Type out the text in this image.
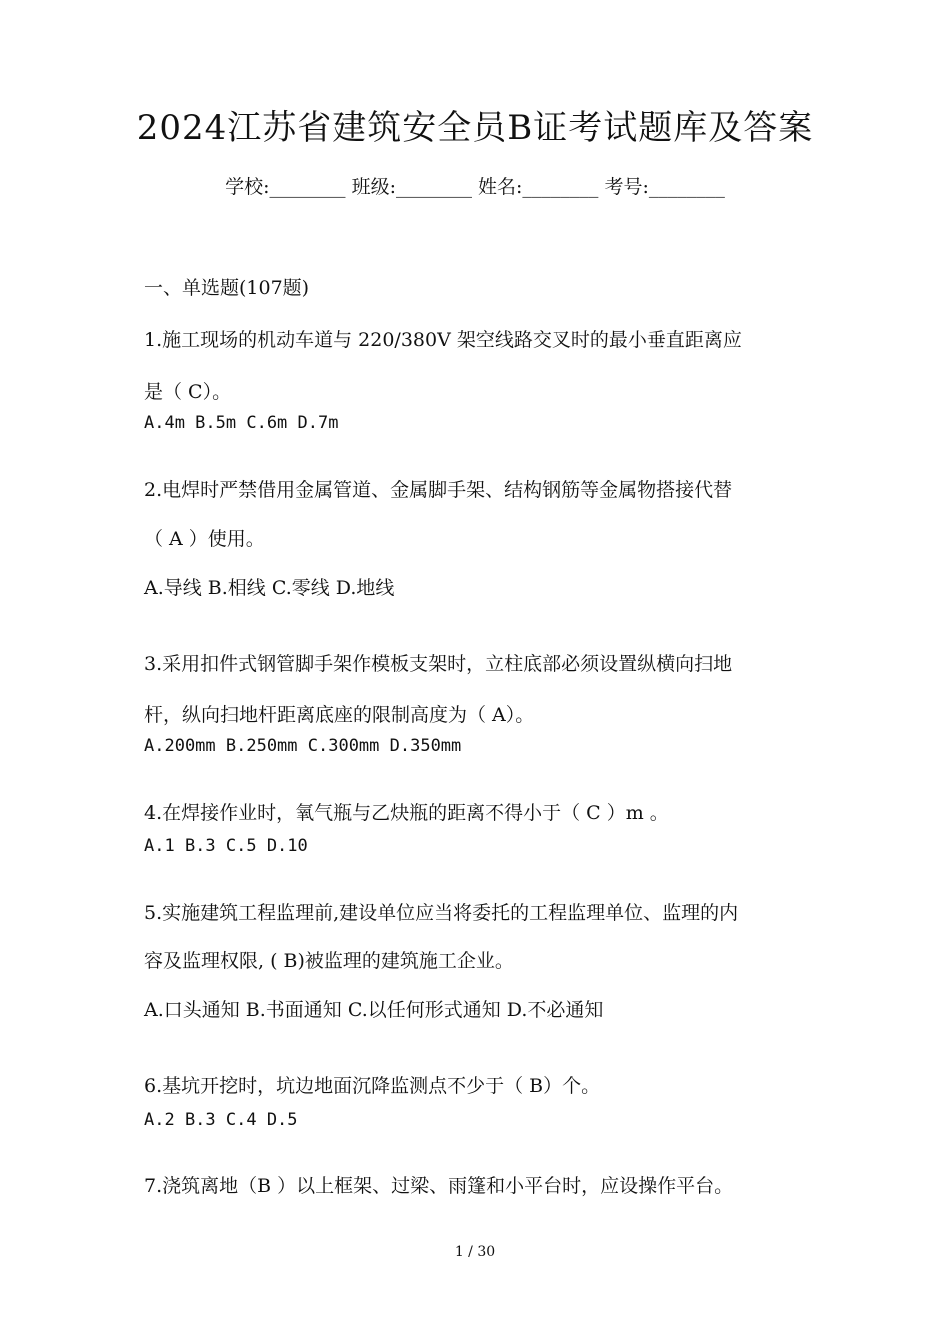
2024江苏省建筑安全员B证考试题库及答案
学校:________ 班级:________ 姓名:________ 考号:________
一、单选题(107题)
1.施工现场的机动车道与 220/380V 架空线路交叉时的最小垂直距离应
是（ C）。
A.4m B.5m C.6m D.7m
2.电焊时严禁借用金属管道、金属脚手架、结构钢筋等金属物搭接代替
（ A ）使用。
A.导线 B.相线 C.零线 D.地线
3.采用扣件式钢管脚手架作模板支架时，立柱底部必须设置纵横向扫地
杆，纵向扫地杆距离底座的限制高度为（ A）。
A.200mm B.250mm C.300mm D.350mm
4.在焊接作业时，氧气瓶与乙炔瓶的距离不得小于（ C ）m 。
A.1 B.3 C.5 D.10
5.实施建筑工程监理前,建设单位应当将委托的工程监理单位、监理的内
容及监理权限, ( B)被监理的建筑施工企业。
A.口头通知 B.书面通知 C.以任何形式通知 D.不必通知
6.基坑开挖时，坑边地面沉降监测点不少于（ B）个。
A.2 B.3 C.4 D.5
7.浇筑离地（B ）以上框架、过梁、雨篷和小平台时，应设操作平台。
1 / 30
